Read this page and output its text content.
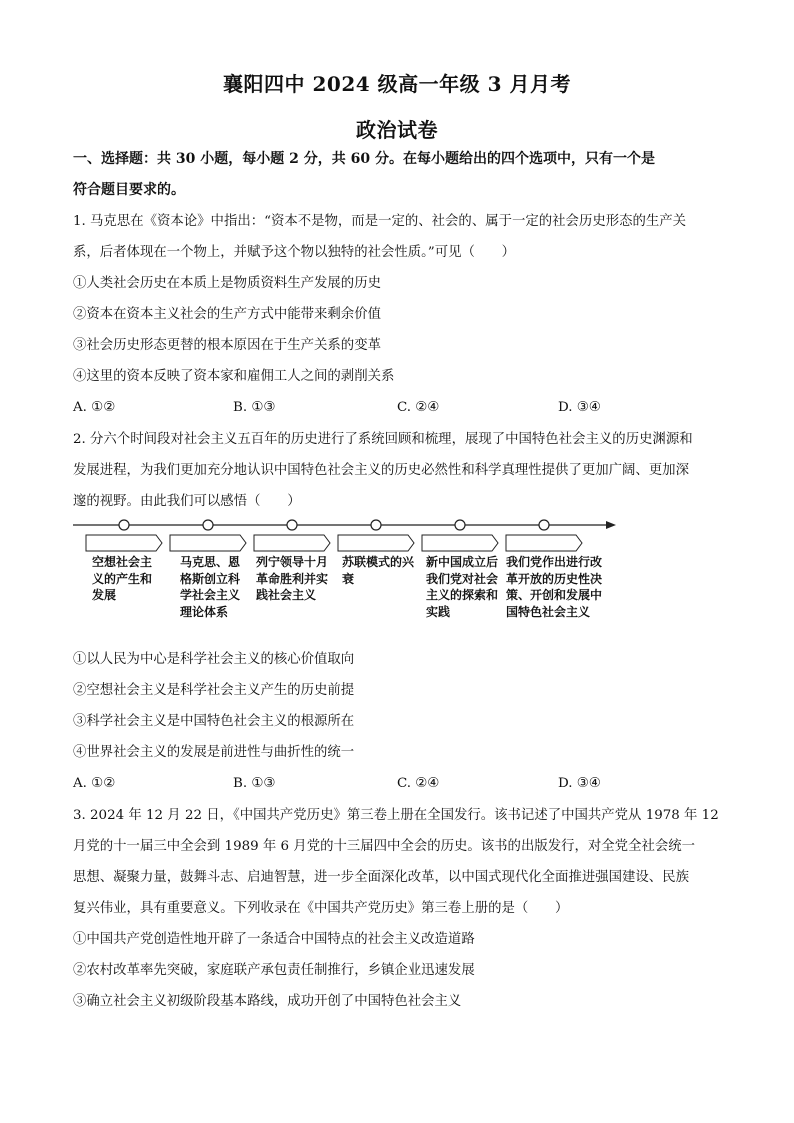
襄阳四中 2024 级高一年级 3 月月考
政治试卷
一、选择题：共 30 小题，每小题 2 分，共 60 分。在每小题给出的四个选项中，只有一个是
符合题目要求的。
1. 马克思在《资本论》中指出：“资本不是物，而是一定的、社会的、属于一定的社会历史形态的生产关
系，后者体现在一个物上，并赋予这个物以独特的社会性质。”可见（　　）
①人类社会历史在本质上是物质资料生产发展的历史
②资本在资本主义社会的生产方式中能带来剩余价值
③社会历史形态更替的根本原因在于生产关系的变革
④这里的资本反映了资本家和雇佣工人之间的剥削关系
A. ①②	B. ①③	C. ②④	D. ③④
2. 分六个时间段对社会主义五百年的历史进行了系统回顾和梳理，展现了中国特色社会主义的历史渊源和
发展进程，为我们更加充分地认识中国特色社会主义的历史必然性和科学真理性提供了更加广阔、更加深
邃的视野。由此我们可以感悟（　　）
空想社会主义的产生和发展
马克思、恩格斯创立科学社会主义理论体系
列宁领导十月革命胜利并实践社会主义
苏联模式的兴衰
新中国成立后我们党对社会主义的探索和实践
我们党作出进行改革开放的历史性决策、开创和发展中国特色社会主义
①以人民为中心是科学社会主义的核心价值取向
②空想社会主义是科学社会主义产生的历史前提
③科学社会主义是中国特色社会主义的根源所在
④世界社会主义的发展是前进性与曲折性的统一
A. ①②	B. ①③	C. ②④	D. ③④
3. 2024 年 12 月 22 日，《中国共产党历史》第三卷上册在全国发行。该书记述了中国共产党从 1978 年 12
月党的十一届三中全会到 1989 年 6 月党的十三届四中全会的历史。该书的出版发行，对全党全社会统一
思想、凝聚力量，鼓舞斗志、启迪智慧，进一步全面深化改革，以中国式现代化全面推进强国建设、民族
复兴伟业，具有重要意义。下列收录在《中国共产党历史》第三卷上册的是（　　）
①中国共产党创造性地开辟了一条适合中国特点的社会主义改造道路
②农村改革率先突破，家庭联产承包责任制推行，乡镇企业迅速发展
③确立社会主义初级阶段基本路线，成功开创了中国特色社会主义
